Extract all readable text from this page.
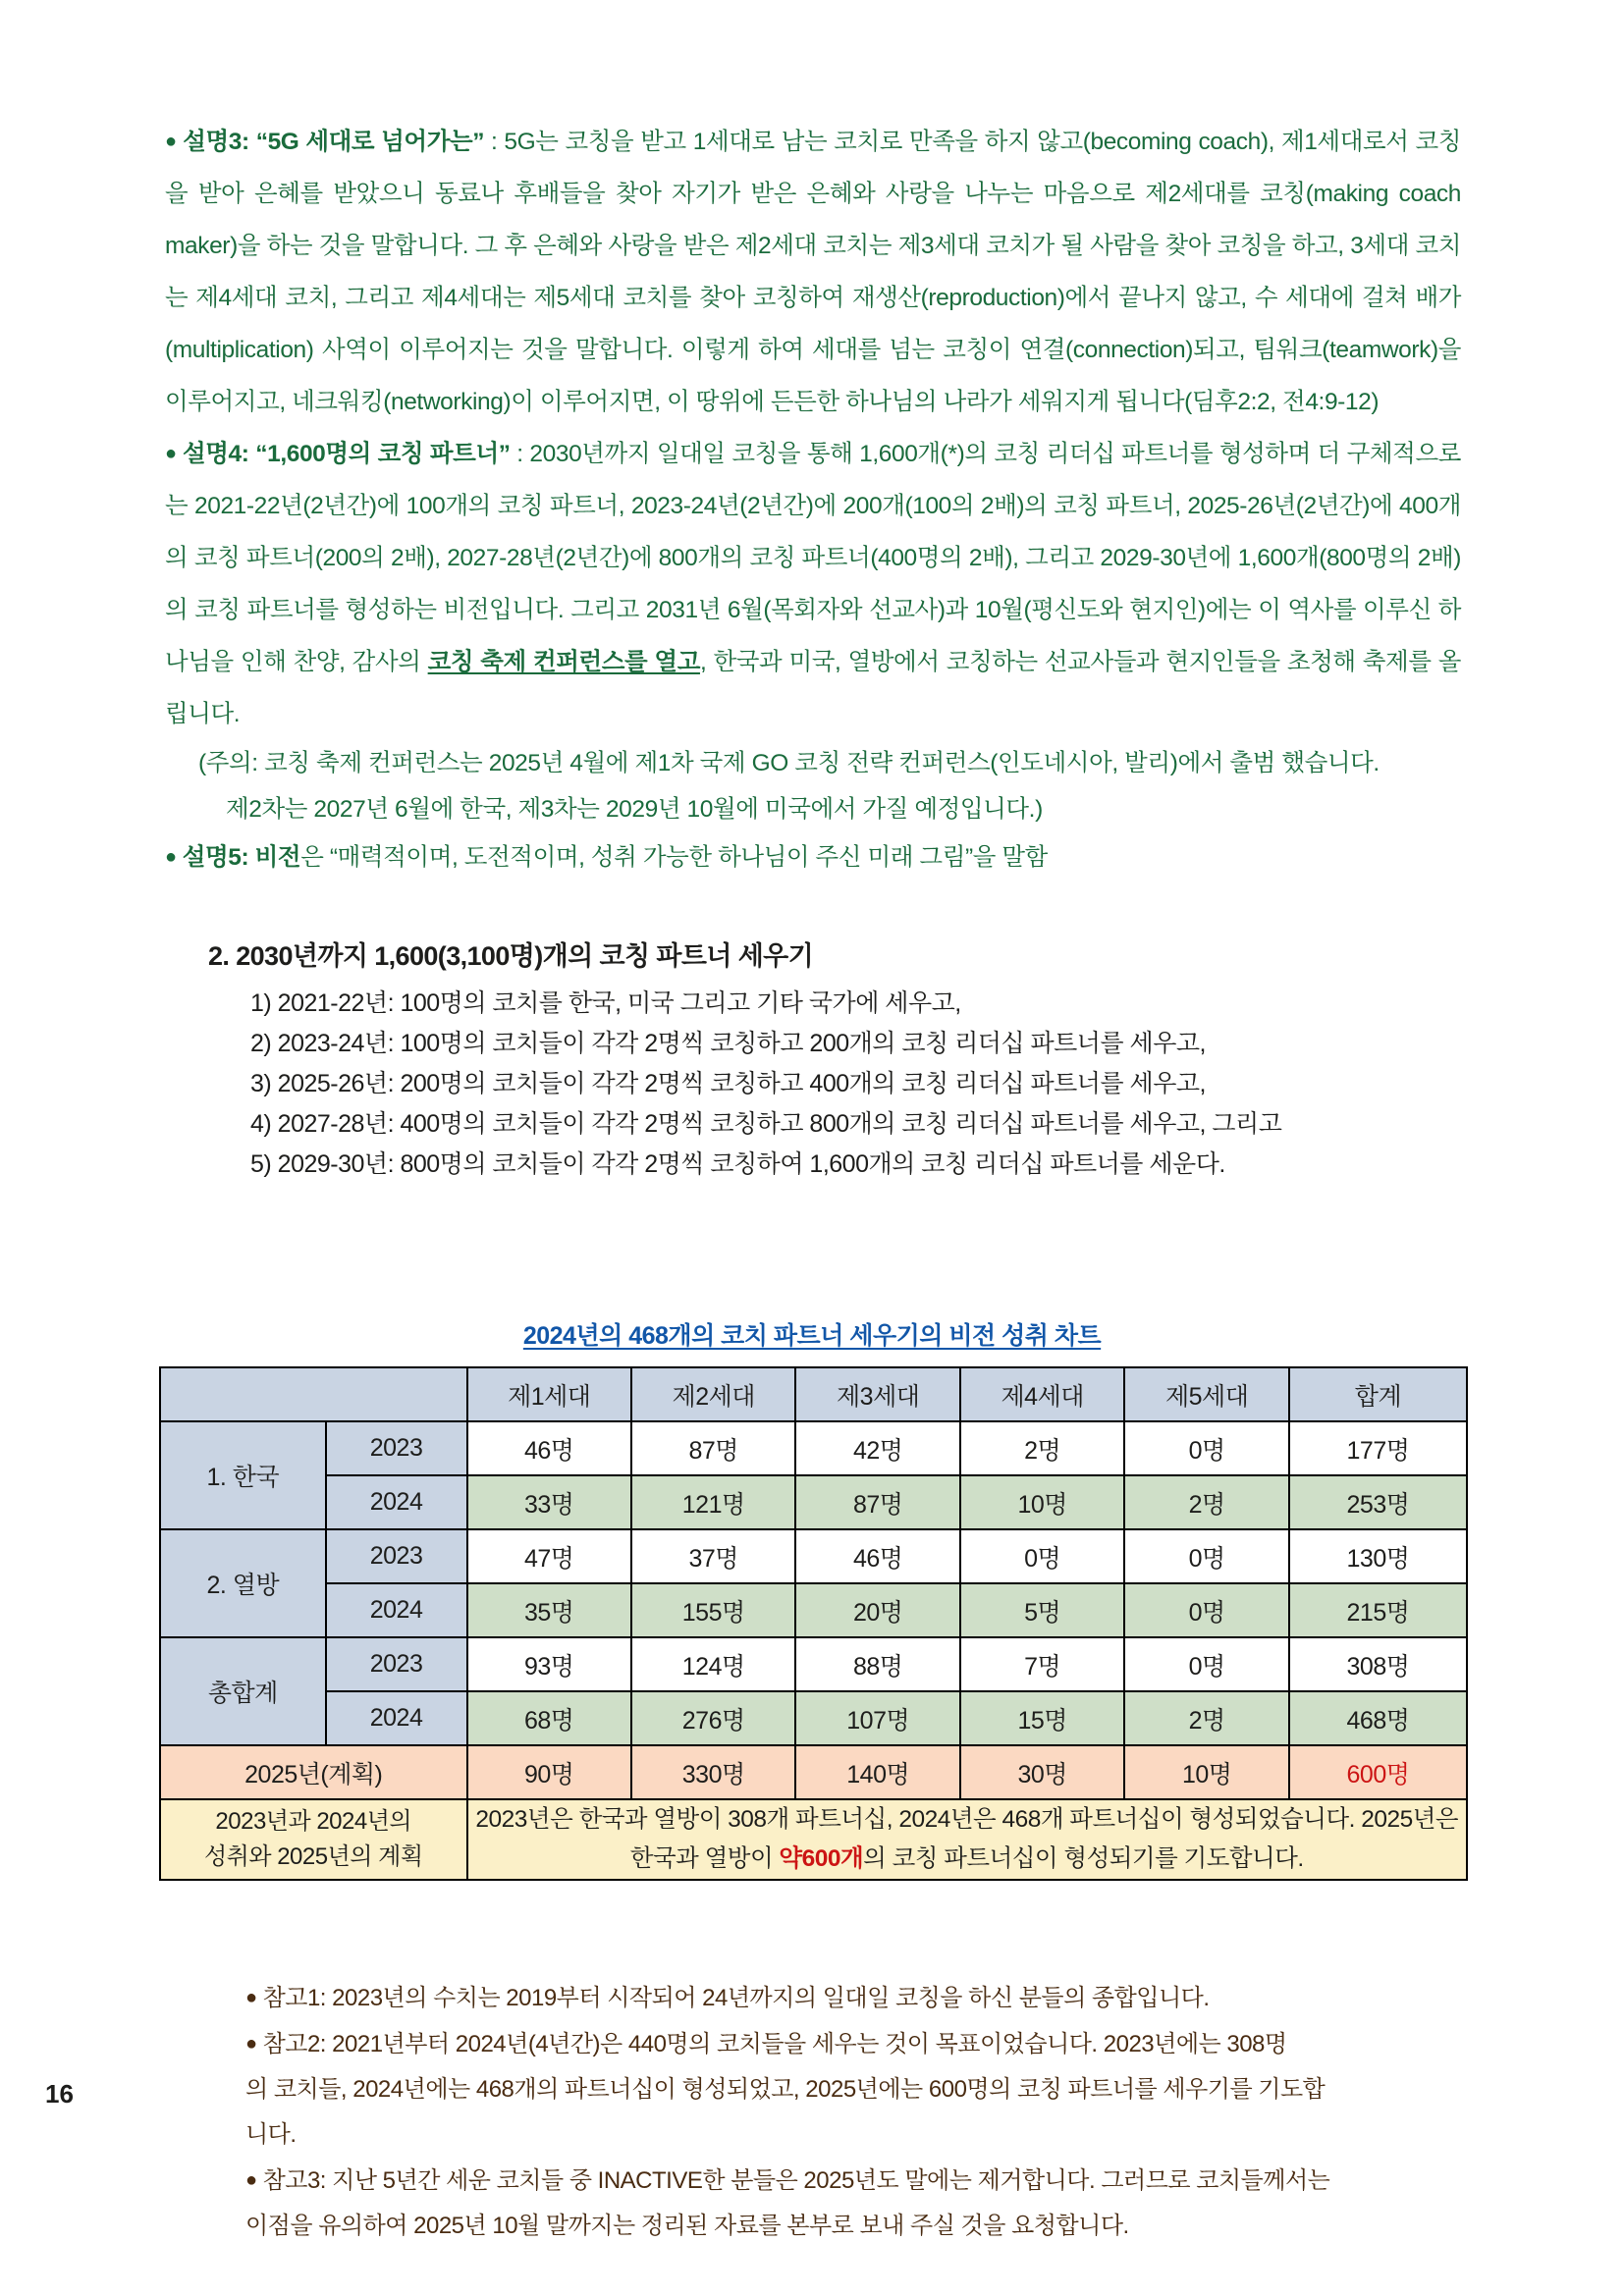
● 설명3: “5G 세대로 넘어가는” : 5G는 코칭을 받고 1세대로 남는 코치로 만족을 하지 않고(becoming coach), 제1세대로서 코칭을 받아 은혜를 받았으니 동료나 후배들을 찾아 자기가 받은 은혜와 사랑을 나누는 마음으로 제2세대를 코칭(making coach maker)을 하는 것을 말합니다. 그 후 은혜와 사랑을 받은 제2세대 코치는 제3세대 코치가 될 사람을 찾아 코칭을 하고, 3세대 코치는 제4세대 코치, 그리고 제4세대는 제5세대 코치를 찾아 코칭하여 재생산(reproduction)에서 끝나지 않고, 수 세대에 걸쳐 배가(multiplication) 사역이 이루어지는 것을 말합니다. 이렇게 하여 세대를 넘는 코칭이 연결(connection)되고, 팀워크(teamwork)을 이루어지고, 네크워킹(networking)이 이루어지면, 이 땅위에 든든한 하나님의 나라가 세워지게 됩니다(딤후2:2, 전4:9-12)

● 설명4: “1,600명의 코칭 파트너” : 2030년까지 일대일 코칭을 통해 1,600개(*)의 코칭 리더십 파트너를 형성하며 더 구체적으로는 2021-22년(2년간)에 100개의 코칭 파트너, 2023-24년(2년간)에 200개(100의 2배)의 코칭 파트너, 2025-26년(2년간)에 400개의 코칭 파트너(200의 2배), 2027-28년(2년간)에 800개의 코칭 파트너(400명의 2배), 그리고 2029-30년에 1,600개(800명의 2배)의 코칭 파트너를 형성하는 비전입니다. 그리고 2031년 6월(목회자와 선교사)과 10월(평신도와 현지인)에는 이 역사를 이루신 하나님을 인해 찬양, 감사의 코칭 축제 컨퍼런스를 열고, 한국과 미국, 열방에서 코칭하는 선교사들과 현지인들을 초청해 축제를 올립니다.

(주의: 코칭 축제 컨퍼런스는 2025년 4월에 제1차 국제 GO 코칭 전략 컨퍼런스(인도네시아, 발리)에서 출범 했습니다.

제2차는 2027년 6월에 한국, 제3차는 2029년 10월에 미국에서 가질 예정입니다.)

● 설명5: 비전은 “매력적이며, 도전적이며, 성취 가능한 하나님이 주신 미래 그림”을 말함

2. 2030년까지 1,600(3,100명)개의 코칭 파트너 세우기
1) 2021-22년: 100명의 코치를 한국, 미국 그리고 기타 국가에 세우고,
2) 2023-24년: 100명의 코치들이 각각 2명씩 코칭하고 200개의 코칭 리더십 파트너를 세우고,
3) 2025-26년: 200명의 코치들이 각각 2명씩 코칭하고 400개의 코칭 리더십 파트너를 세우고,
4) 2027-28년: 400명의 코치들이 각각 2명씩 코칭하고 800개의 코칭 리더십 파트너를 세우고, 그리고
5) 2029-30년: 800명의 코치들이 각각 2명씩 코칭하여 1,600개의 코칭 리더십 파트너를 세운다.
2024년의 468개의 코치 파트너 세우기의 비전 성취 차트
		제1세대	제2세대	제3세대	제4세대	제5세대	합계
1. 한국	2023	46명	87명	42명	2명	0명	177명
	2024	33명	121명	87명	10명	2명	253명
2. 열방	2023	47명	37명	46명	0명	0명	130명
	2024	35명	155명	20명	5명	0명	215명
총합계	2023	93명	124명	88명	7명	0명	308명
	2024	68명	276명	107명	15명	2명	468명
2025년(계획)		90명	330명	140명	30명	10명	600명
2023년과 2024년의
성취와 2025년의 계획		2023년은 한국과 열방이 308개 파트너십, 2024년은 468개 파트너십이 형성되었습니다. 2025년은 한국과 열방이 약600개의 코칭 파트너십이 형성되기를 기도합니다.					

● 참고1: 2023년의 수치는 2019부터 시작되어 24년까지의 일대일 코칭을 하신 분들의 종합입니다.

● 참고2: 2021년부터 2024년(4년간)은 440명의 코치들을 세우는 것이 목표이었습니다. 2023년에는 308명

의 코치들, 2024년에는 468개의 파트너십이 형성되었고, 2025년에는 600명의 코칭 파트너를 세우기를 기도합

니다.

● 참고3: 지난 5년간 세운 코치들 중 INACTIVE한 분들은 2025년도 말에는 제거합니다. 그러므로 코치들께서는

이점을 유의하여 2025년 10월 말까지는 정리된 자료를 본부로 보내 주실 것을 요청합니다.

16
